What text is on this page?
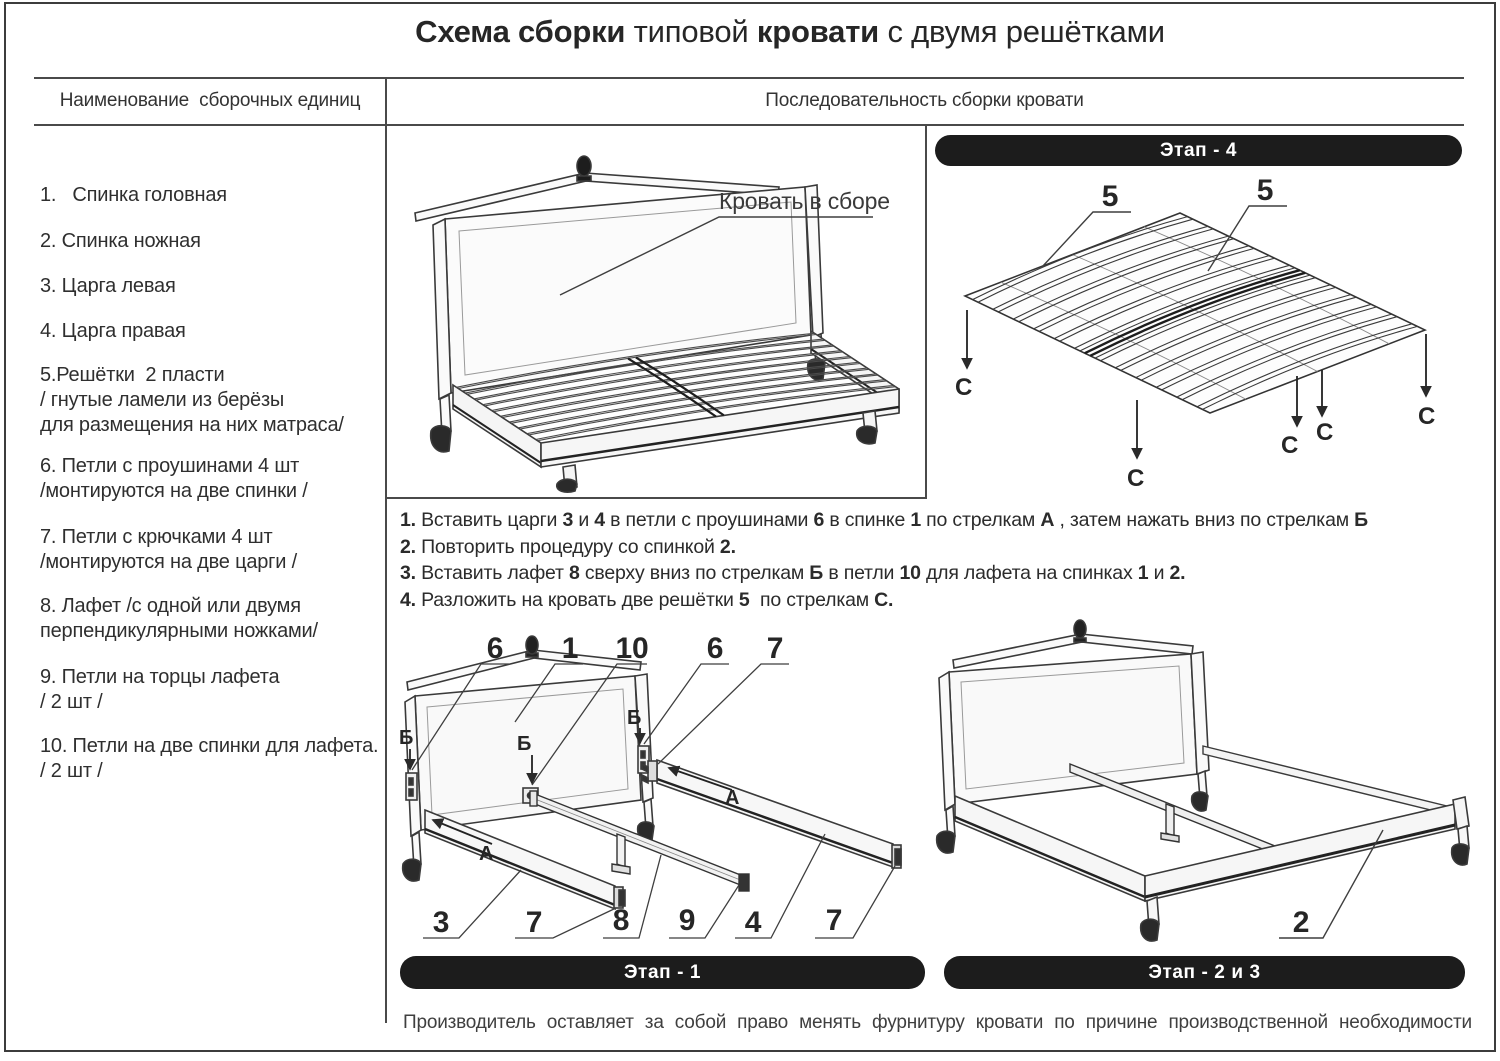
Схема сборки типовой кровати с двумя решётками
Наименование  сборочных единиц	Последовательность сборки кровати
1.   Спинка головная
2. Спинка ножная
3. Царга левая
4. Царга правая
5.Решётки  2 пласти
/ гнутые ламели из берёзы
для размещения на них матраса/
6. Петли с проушинами 4 шт
/монтируются на две спинки /
7. Петли с крючками 4 шт
/монтируются на две царги /
8. Лафет /с одной или двумя
перпендикулярными ножками/
9. Петли на торцы лафета
/ 2 шт /
10. Петли на две спинки для лафета.
/ 2 шт /
Кровать в сборе
Этап - 4
5	5
С
С
С С
С
1. Вставить царги 3 и 4 в петли с проушинами 6 в спинке 1 по стрелкам А , затем нажать вниз по стрелкам Б
2. Повторить процедуру со спинкой 2.
3. Вставить лафет 8 сверху вниз по стрелкам Б в петли 10 для лафета на спинках 1 и 2.
4. Разложить на кровать две решётки 5  по стрелкам С.
6 1 10 6 7
3	7 8 9 4 7
Б	Б
Б
А
А
2
Этап - 1	Этап - 2 и 3
Производитель оставляет за собой право менять фурнитуру кровати по причине производственной необходимости
